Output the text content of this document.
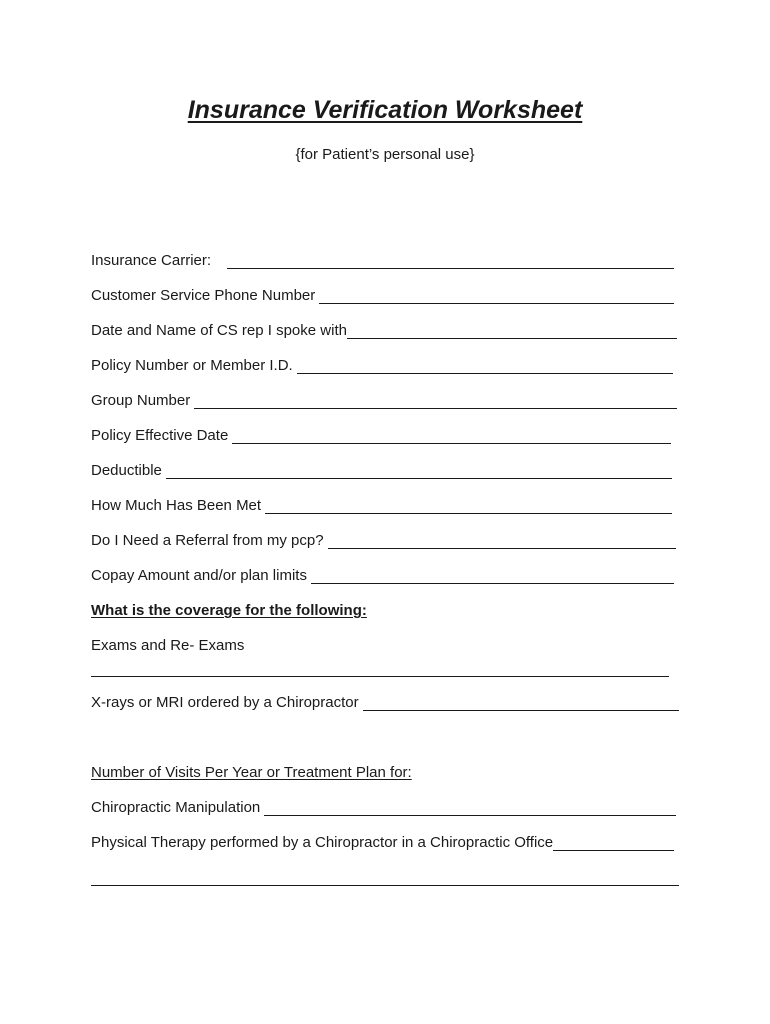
Insurance Verification Worksheet
{for Patient’s personal use}
Insurance Carrier:
Customer Service Phone Number
Date and Name of CS rep I spoke with
Policy Number or Member I.D.
Group Number
Policy Effective Date
Deductible
How Much Has Been Met
Do I Need a Referral from my pcp?
Copay Amount and/or plan limits
What is the coverage for the following:
Exams and Re- Exams
X-rays or MRI ordered by a Chiropractor
Number of Visits Per Year or Treatment Plan for:
Chiropractic Manipulation
Physical Therapy performed by a Chiropractor in a Chiropractic Office
